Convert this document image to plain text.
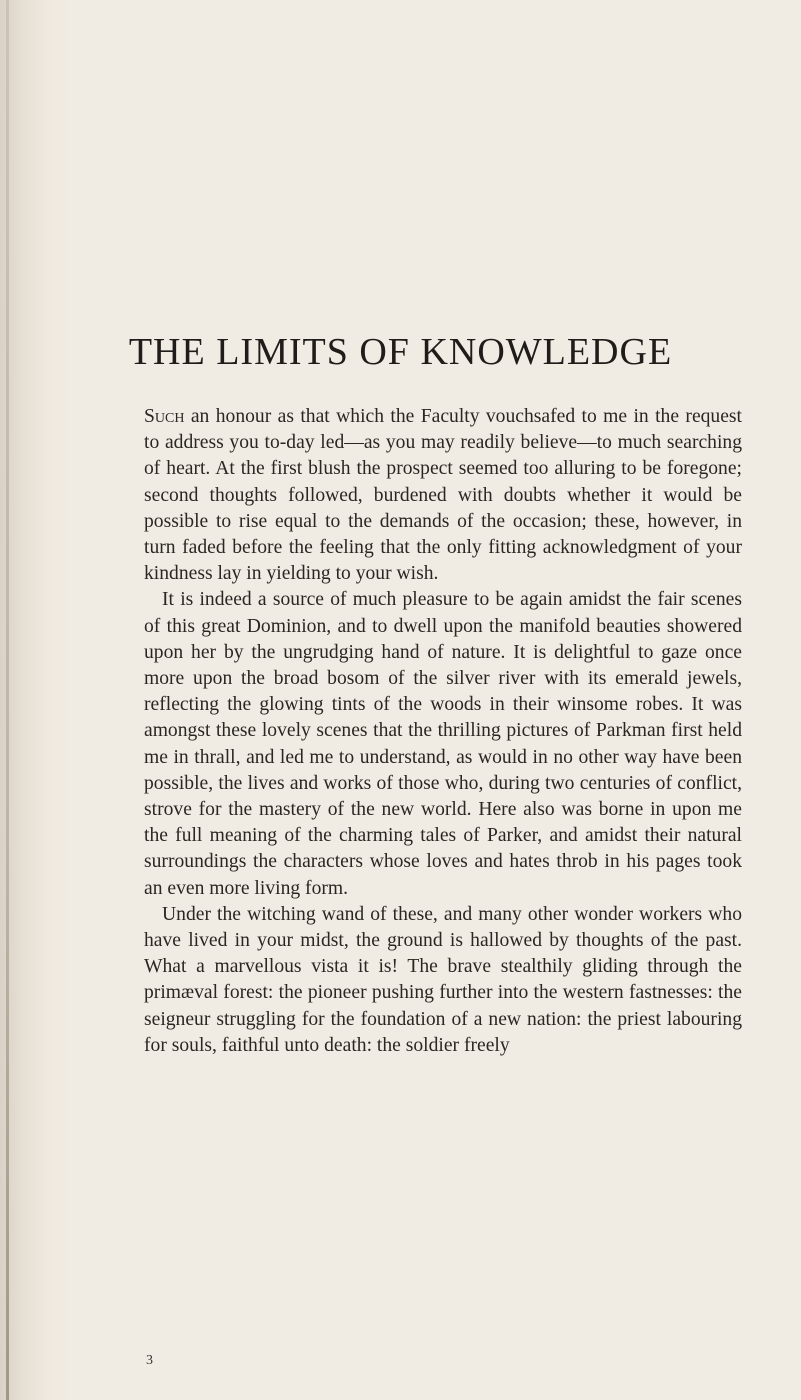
THE LIMITS OF KNOWLEDGE

Such an honour as that which the Faculty vouchsafed to me in the request to address you to-day led—as you may readily believe—to much searching of heart. At the first blush the prospect seemed too alluring to be foregone; second thoughts followed, burdened with doubts whether it would be possible to rise equal to the demands of the occasion; these, however, in turn faded before the feeling that the only fitting acknowledgment of your kindness lay in yielding to your wish.

It is indeed a source of much pleasure to be again amidst the fair scenes of this great Dominion, and to dwell upon the manifold beauties showered upon her by the ungrudging hand of nature. It is delightful to gaze once more upon the broad bosom of the silver river with its emerald jewels, reflecting the glowing tints of the woods in their winsome robes. It was amongst these lovely scenes that the thrilling pictures of Parkman first held me in thrall, and led me to understand, as would in no other way have been possible, the lives and works of those who, during two centuries of conflict, strove for the mastery of the new world. Here also was borne in upon me the full meaning of the charming tales of Parker, and amidst their natural surroundings the characters whose loves and hates throb in his pages took an even more living form.

Under the witching wand of these, and many other wonder workers who have lived in your midst, the ground is hallowed by thoughts of the past. What a marvellous vista it is! The brave stealthily gliding through the primæval forest: the pioneer pushing further into the western fastnesses: the seigneur struggling for the foundation of a new nation: the priest labouring for souls, faithful unto death: the soldier freely

3
